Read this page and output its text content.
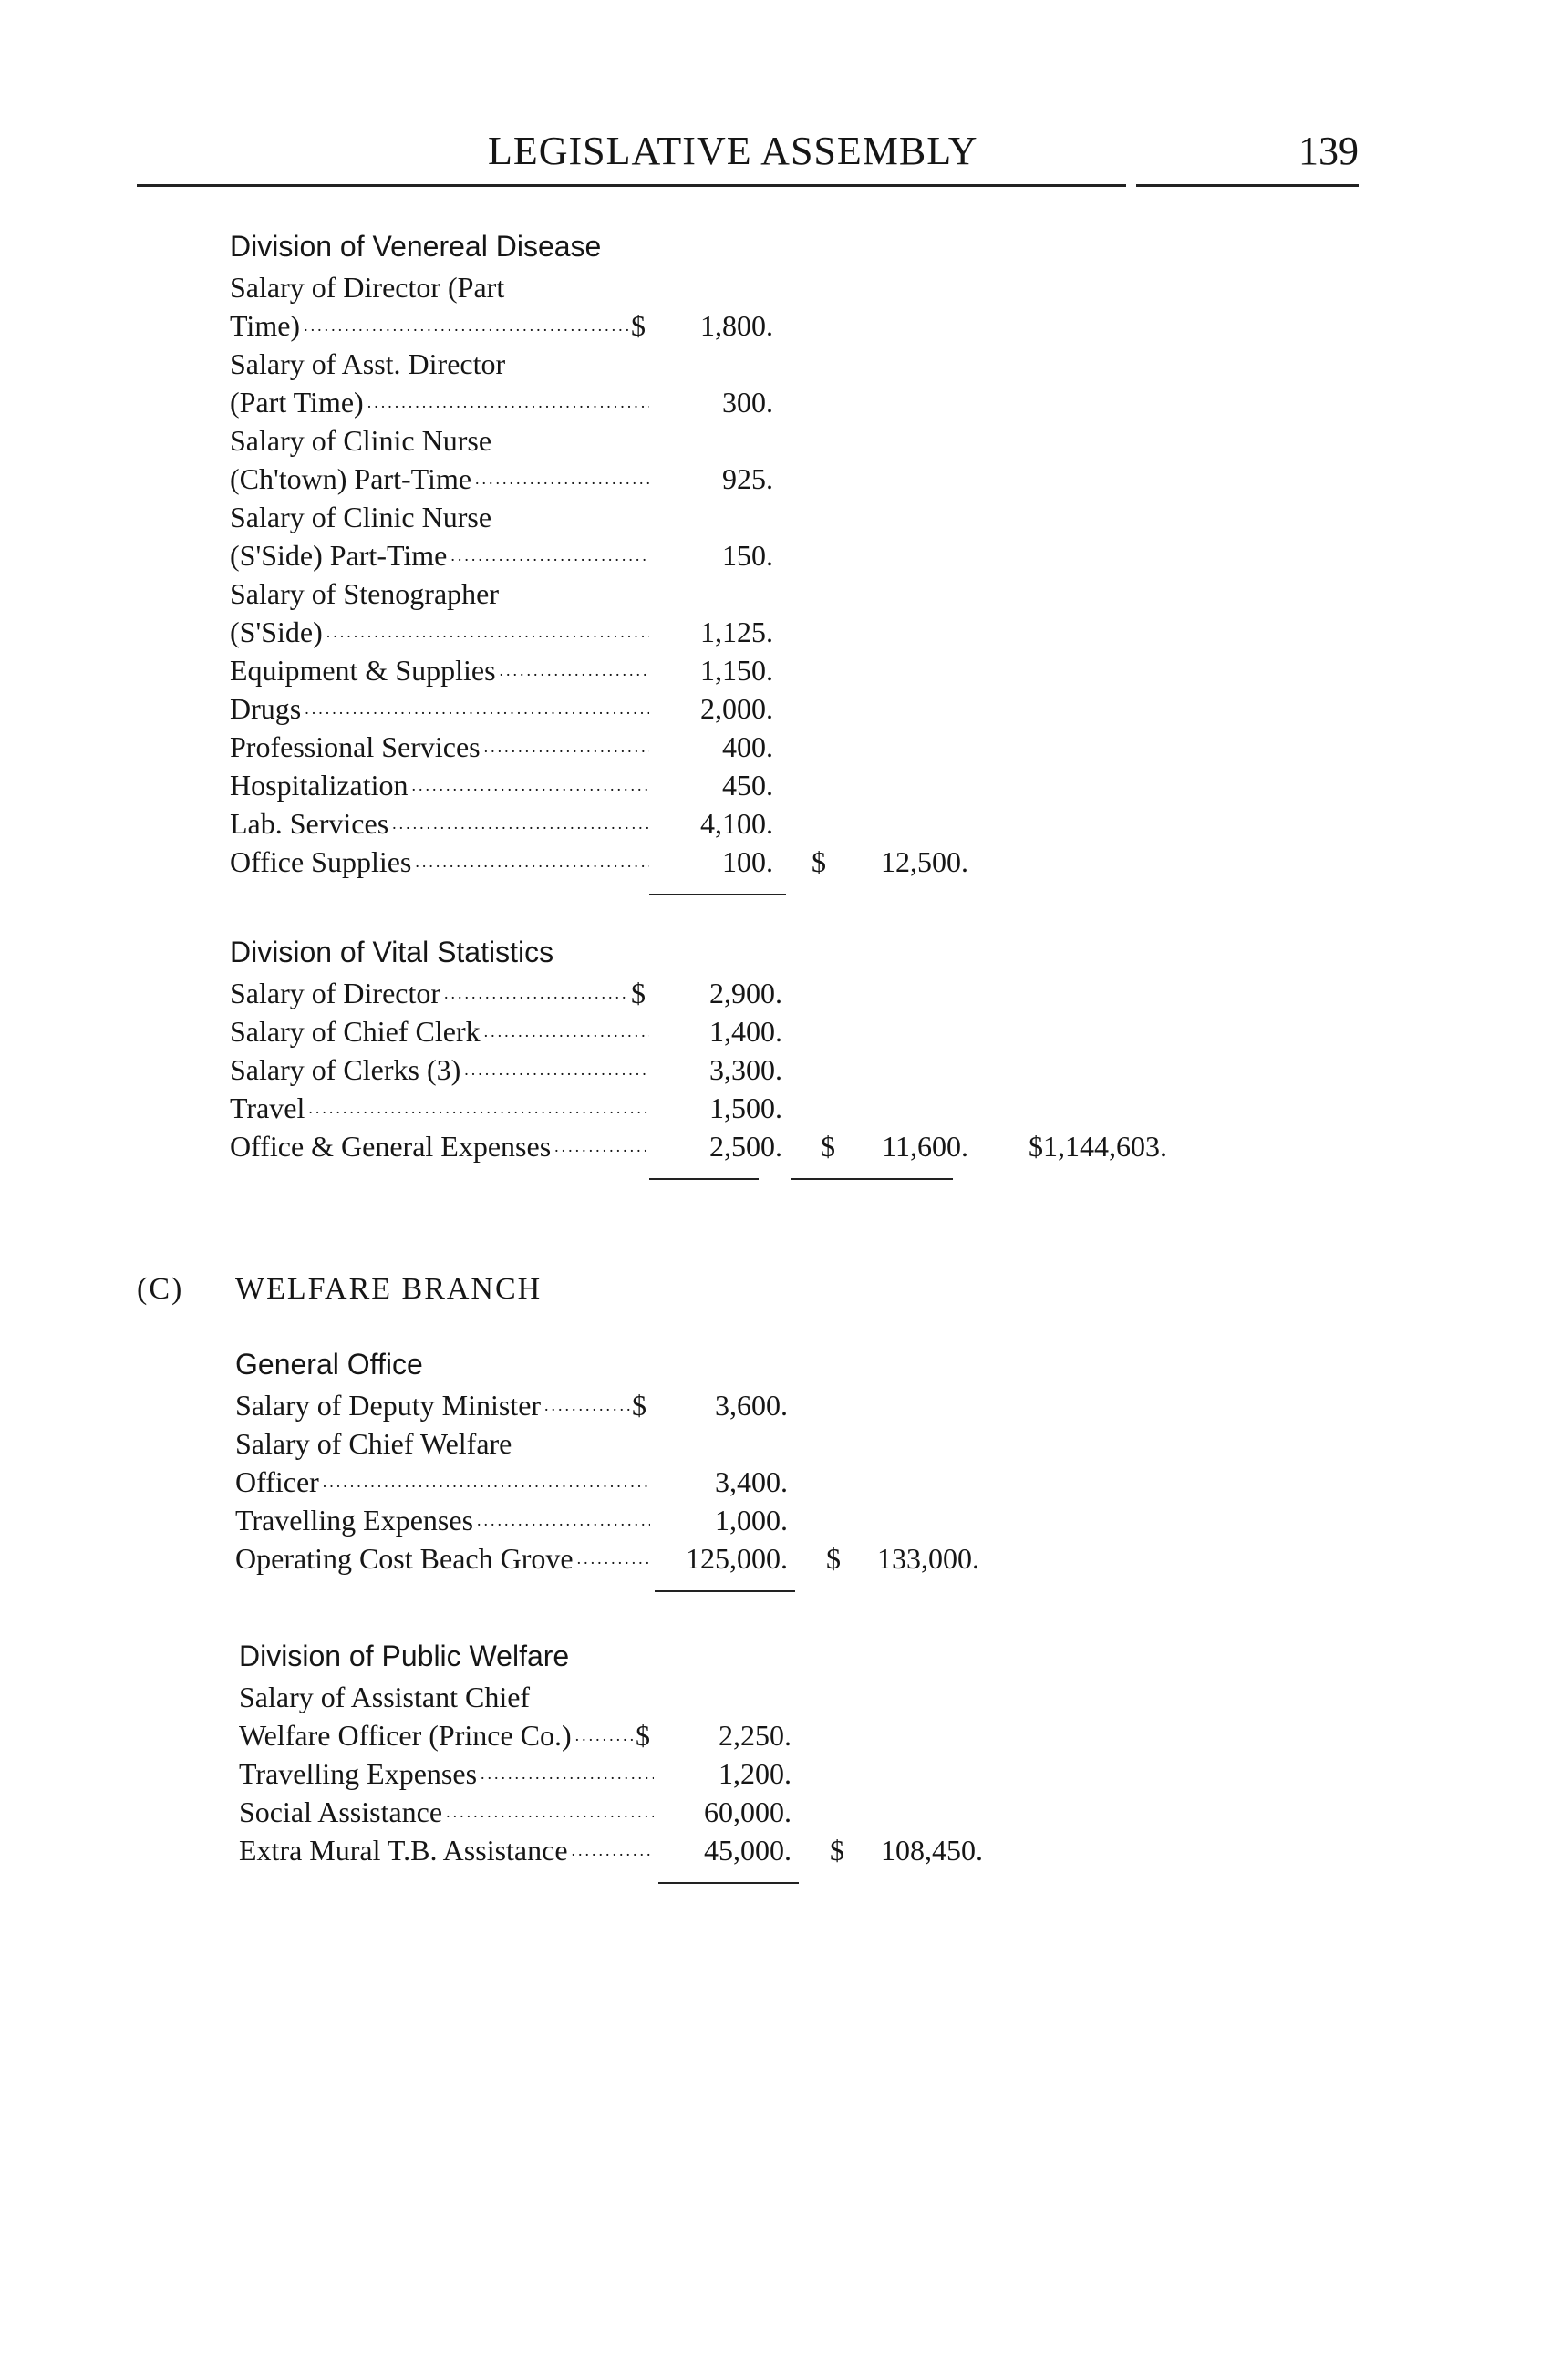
LEGISLATIVE ASSEMBLY	139
Division of Venereal Disease
Salary of Director (Part
Time) .....	$	1,800.
Salary of Asst. Director
(Part Time) .....	300.
Salary of Clinic Nurse
(Ch'town) Part-Time .....	925.
Salary of Clinic Nurse
(S'Side) Part-Time .....	150.
Salary of Stenographer
(S'Side) .....	1,125.
Equipment & Supplies .....	1,150.
Drugs .....	2,000.
Professional Services .....	400.
Hospitalization .....	450.
Lab. Services .....	4,100.
Office Supplies .....	100. $	12,500.
Division of Vital Statistics
Salary of Director .....	$	2,900.
Salary of Chief Clerk .....	1,400.
Salary of Clerks (3) .....	3,300.
Travel .....	1,500.
Office & General Expenses .....	2,500. $	11,600.	$1,144,603.
(C) WELFARE BRANCH
General Office
Salary of Deputy Minister .....	$	3,600.
Salary of Chief Welfare
Officer .....	3,400.
Travelling Expenses .....	1,000.
Operating Cost Beach Grove .....	125,000. $	133,000.
Division of Public Welfare
Salary of Assistant Chief
Welfare Officer (Prince Co.) ..... $	2,250.
Travelling Expenses .....	1,200.
Social Assistance .....	60,000.
Extra Mural T.B. Assistance .....	45,000. $	108,450.
